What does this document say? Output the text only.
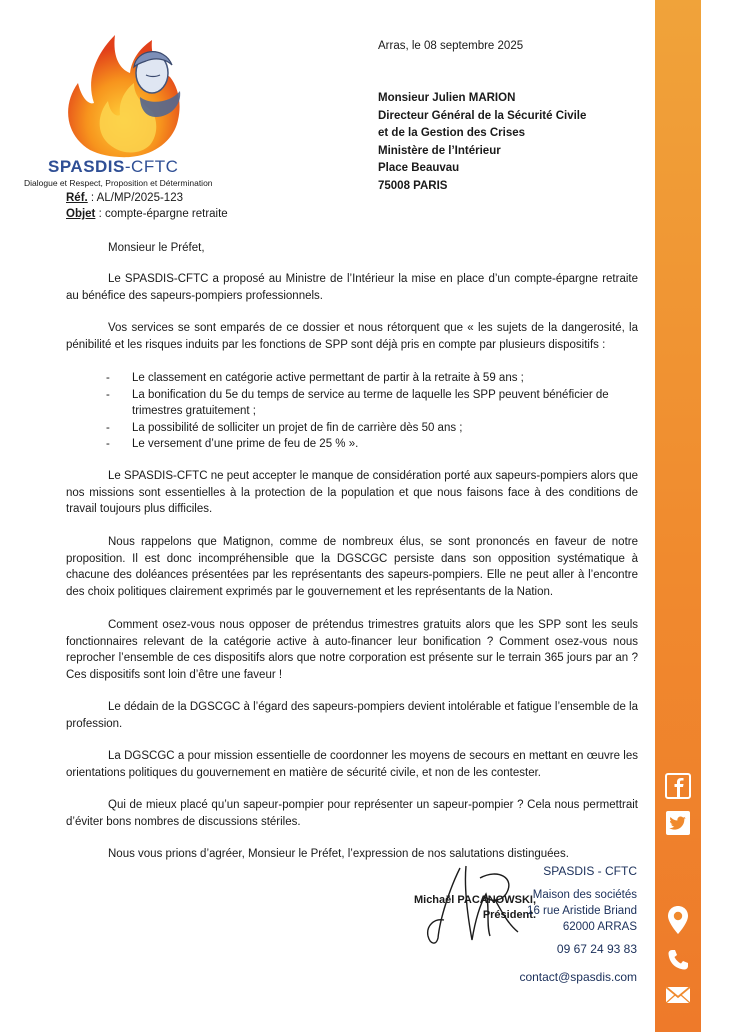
SPASDIS-CFTC
Dialogue et Respect, Proposition et Détermination
Arras, le 08 septembre 2025
Monsieur Julien MARION
Directeur Général de la Sécurité Civile
et de la Gestion des Crises
Ministère de l’Intérieur
Place Beauvau
75008 PARIS
Réf. : AL/MP/2025-123
Objet : compte-épargne retraite
Monsieur le Préfet,
Le SPASDIS-CFTC a proposé au Ministre de l’Intérieur la mise en place d’un compte-épargne retraite au bénéfice des sapeurs-pompiers professionnels.
Vos services se sont emparés de ce dossier et nous rétorquent que « les sujets de la dangerosité, la pénibilité et les risques induits par les fonctions de SPP sont déjà pris en compte par plusieurs dispositifs :
- Le classement en catégorie active permettant de partir à la retraite à 59 ans ;
- La bonification du 5e du temps de service au terme de laquelle les SPP peuvent bénéficier de trimestres gratuitement ;
- La possibilité de solliciter un projet de fin de carrière dès 50 ans ;
- Le versement d’une prime de feu de 25 % ».
Le SPASDIS-CFTC ne peut accepter le manque de considération porté aux sapeurs-pompiers alors que nos missions sont essentielles à la protection de la population et que nous faisons face à des conditions de travail toujours plus difficiles.
Nous rappelons que Matignon, comme de nombreux élus, se sont prononcés en faveur de notre proposition. Il est donc incompréhensible que la DGSCGC persiste dans son opposition systématique à chacune des doléances présentées par les représentants des sapeurs-pompiers. Elle ne peut aller à l’encontre des choix politiques clairement exprimés par le gouvernement et les représentants de la Nation.
Comment osez-vous nous opposer de prétendus trimestres gratuits alors que les SPP sont les seuls fonctionnaires relevant de la catégorie active à auto-financer leur bonification ? Comment osez-vous nous reprocher l’ensemble de ces dispositifs alors que notre corporation est présente sur le terrain 365 jours par an ? Ces dispositifs sont loin d’être une faveur !
Le dédain de la DGSCGC à l’égard des sapeurs-pompiers devient intolérable et fatigue l’ensemble de la profession.
La DGSCGC a pour mission essentielle de coordonner les moyens de secours en mettant en œuvre les orientations politiques du gouvernement en matière de sécurité civile, et non de les contester.
Qui de mieux placé qu’un sapeur-pompier pour représenter un sapeur-pompier ? Cela nous permettrait d’éviter bons nombres de discussions stériles.
Nous vous prions d’agréer, Monsieur le Préfet, l’expression de nos salutations distinguées.
Michaël PACANOWSKI,
Président.
SPASDIS - CFTC
Maison des sociétés
16 rue Aristide Briand
62000 ARRAS
09 67 24 93 83
contact@spasdis.com
